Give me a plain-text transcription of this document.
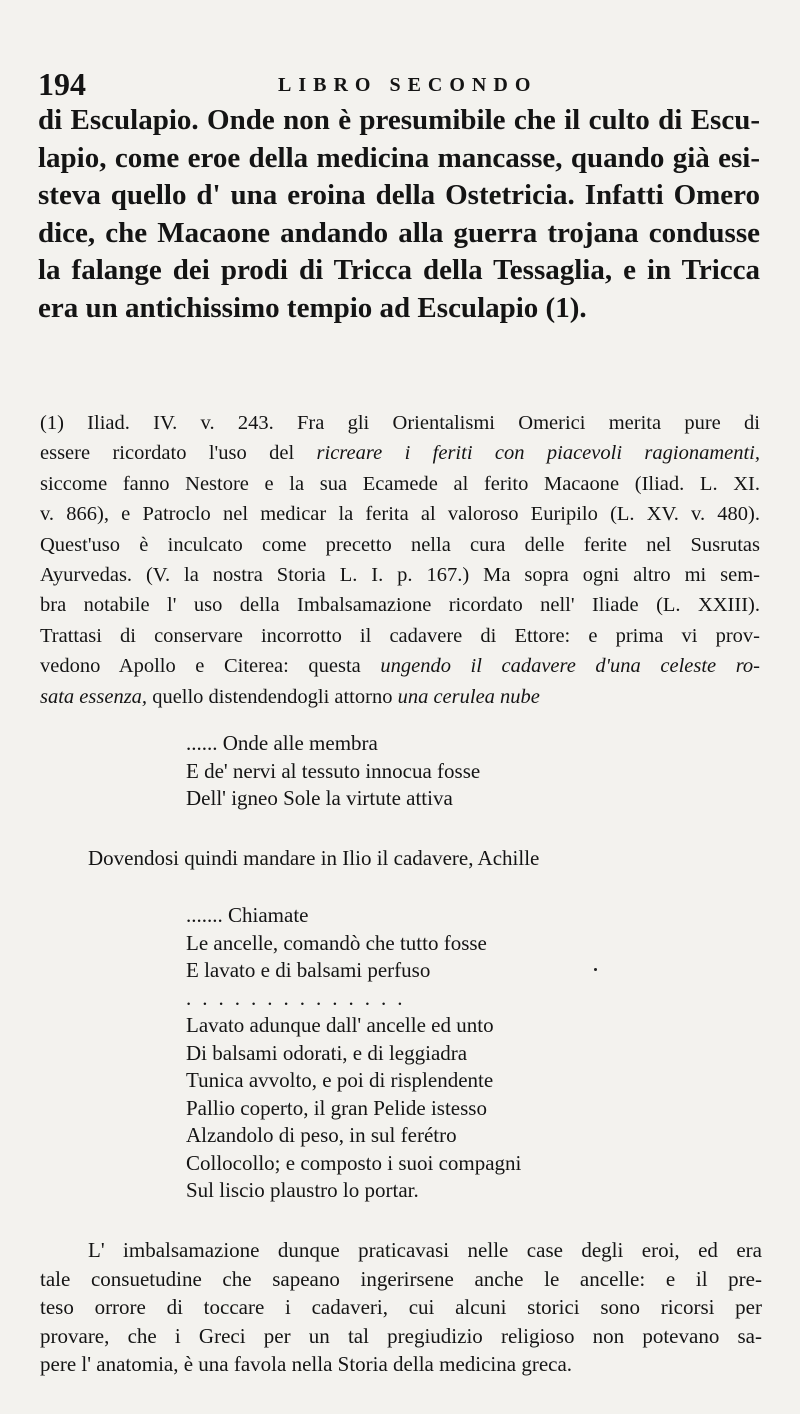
194	LIBRO SECONDO
di Esculapio. Onde non è presumibile che il culto di Escu-
lapio, come eroe della medicina mancasse, quando già esi-
steva quello d' una eroina della Ostetricia. Infatti Omero
dice, che Macaone andando alla guerra trojana condusse
la falange dei prodi di Tricca della Tessaglia, e in Tricca
era un antichissimo tempio ad Esculapio (1).
(1) Iliad. IV. v. 243. Fra gli Orientalismi Omerici merita pure di
essere ricordato l'uso del ricreare i feriti con piacevoli ragionamenti,
siccome fanno Nestore e la sua Ecamede al ferito Macaone (Iliad. L. XI.
v. 866), e Patroclo nel medicar la ferita al valoroso Euripilo (L. XV. v. 480).
Quest'uso è inculcato come precetto nella cura delle ferite nel Susrutas
Ayurvedas. (V. la nostra Storia L. I. p. 167.) Ma sopra ogni altro mi sem-
bra notabile l' uso della Imbalsamazione ricordato nell' Iliade (L. XXIII).
Trattasi di conservare incorrotto il cadavere di Ettore: e prima vi prov-
vedono Apollo e Citerea: questa ungendo il cadavere d'una celeste ro-
sata essenza, quello distendendogli attorno una cerulea nube
...... Onde alle membra
E de' nervi al tessuto innocua fosse
Dell' igneo Sole la virtute attiva
Dovendosi quindi mandare in Ilio il cadavere, Achille
....... Chiamate
Le ancelle, comandò che tutto fosse
E lavato e di balsami perfuso
..............
Lavato adunque dall' ancelle ed unto
Di balsami odorati, e di leggiadra
Tunica avvolto, e poi di risplendente
Pallio coperto, il gran Pelide istesso
Alzandolo di peso, in sul ferétro
Collocollo; e composto i suoi compagni
Sul liscio plaustro lo portar.
L' imbalsamazione dunque praticavasi nelle case degli eroi, ed era
tale consuetudine che sapeano ingerirsene anche le ancelle: e il pre-
teso orrore di toccare i cadaveri, cui alcuni storici sono ricorsi per
provare, che i Greci per un tal pregiudizio religioso non potevano sa-
pere l' anatomia, è una favola nella Storia della medicina greca.
